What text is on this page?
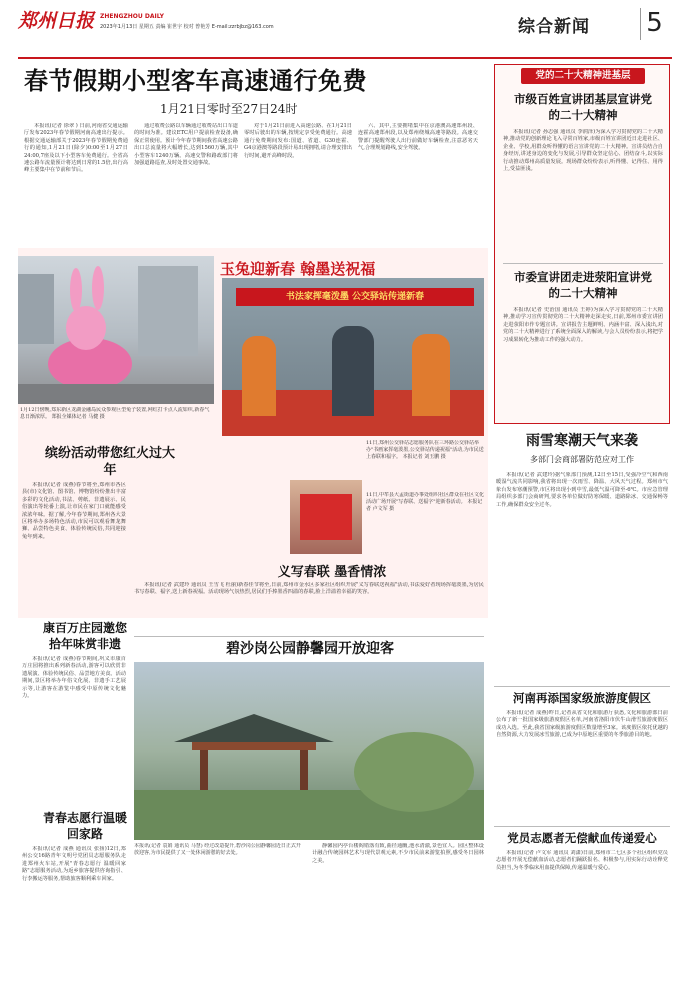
郑州日报 ZHENGZHOU DAILY
2023年1月13日 星期五 责编 崔世宇 校对 曾艳芳 E-mail:zzrbjbz@163.com	综合新闻 5
春节假期小型客车高速通行免费
1月21日零时至27日24时
本报讯(记者 徐翠 ) 日前,河南省交通运输厅发布2023年春节假期河南高速出行提示。根据交通运输部关于2023年春节假期免费通行的通知,1月21日(除夕)0:00至1月27日24:00,7座及以下小型客车免费通行。全省高速公路车流量预计将达到日常的1.5倍,出行高峰主要集中在节前和节后。
通过收费公路以车辆通过收费站出口车道的时间为准。建议ETC用户提前检查设备,确保正常使用。预计今年春节期间我省高速公路出口总流量将大幅增长,达到1560万辆,其中小型客车1240万辆。高速交警和路政部门将加强道路巡查,及时处置交通事故。
对于1月21日前进入高速公路、在1月21日零时后驶出的车辆,按规定享受免费通行。高速通行免费期间发布:国道、省道、G30连霍、G4京港澳等路段预计易出现拥堵,请合理安排出行时间,避开高峰时段。
六、其中,主要拥堵集中在京港澳高速郑州段、连霍高速郑州段,以及郑州绕城高速等路段。高速交警部门提醒驾驶人出行前做好车辆检查,注意恶劣天气,合理规划路线,安全驾驶。
党的二十大精神进基层
市级百姓宣讲团基层宣讲党的二十大精神
本报讯(记者 孙志强 通讯员 李润泽)为深入学习贯彻党的二十大精神,推动党的创新理论飞入寻常百姓家,市级百姓宣讲团近日走进社区、企业、学校,用群众听得懂的语言宣讲党的二十大精神。宣讲员结合自身经历,讲述身边的变化与发展,引导群众坚定信心、团结奋斗,以实际行动推动郑州高质量发展。现场群众纷纷表示,听得懂、记得住、用得上,受益匪浅。
市委宣讲团走进荥阳宣讲党的二十大精神
本报讯(记者 史治国 通讯员 王婷)为深入学习贯彻党的二十大精神,推动学习宣传贯彻党的二十大精神走深走实,日前,郑州市委宣讲团走进荥阳市作专题宣讲。宣讲报告主题鲜明、内涵丰富、深入浅出,对党的二十大精神进行了系统全面深入的解读,与会人员纷纷表示,将把学习成果转化为推动工作的强大动力。
玉兔迎新春 翰墨送祝福
1月12日傍晚,郑东新区龙湖金融岛民众参观巨型兔子装置,网红打卡点人流如织,新春气息日渐浓厚。 郑报全媒体记者 马健 摄
书法家挥毫泼墨 公交驿站传递新春
11日,郑州公交驿站志愿服务队在三环路公交驿站举办"书画家挥毫泼墨,公交驿站传递祝福"活动,为市民送上春联和福字。 本报记者 刘玉鹏 摄
缤纷活动带您红火过大年
本报讯(记者 成燕)春节将至,郑州市各区县(市)文化馆、图书馆、博物馆纷纷推出丰富多彩的文化活动,书法、剪纸、非遗展示、民俗演出等轮番上演,让市民在家门口就能感受浓浓年味。据了解,今年春节期间,郑州各大景区将举办多场特色活动,市民可以观看舞龙舞狮、品尝特色美食、体验传统民俗,共同迎接兔年到来。
11日,中牟县大孟街道办事处组织社区群众在社区文化活动广场开展"写春联、送福字"迎新春活动。 本报记者 卢文军 摄
义写春联 墨香情浓
本报讯(记者 武建玲 通讯员 王雪飞 杜丽)新春佳节将至,日前,郑州市金水区多家社区组织开展"义写春联送祝福"活动,书法爱好者现场挥毫泼墨,为居民书写春联、福字,送上新春祝福。活动现场气氛热烈,居民们手捧墨香四溢的春联,脸上洋溢着幸福的笑容。
康百万庄园邀您拾年味赏非遗
本报讯(记者 成燕)春节期间,巩义市康百万庄园将推出系列新春活动,游客可以欣赏非遗展演、体验传统民俗、品尝地方美食。活动期间,景区将举办年俗文化展、非遗手工艺展示等,让游客在游览中感受中原传统文化魅力。
雨雪寒潮天气来袭
多部门会商部署防范应对工作
本报讯(记者 武建玲)据气象部门预测,12日至15日,受强冷空气和西南暖湿气流共同影响,我省将出现一次雨雪、降温、大风天气过程。郑州市气象台发布寒潮预警,市区将出现小到中雪,最低气温可降至-6℃。市应急管理局组织多部门会商研判,要求各单位做好防寒保暖、道路除冰、交通保畅等工作,确保群众安全过冬。
碧沙岗公园静馨园开放迎客
本报讯(记者 袁娟 通讯员 马慧) 经过改造提升,碧沙岗公园静馨园近日正式开放迎客,为市民提供了又一处休闲游憩的好去处。
静馨园内亭台楼阁错落有致,曲径通幽,池水清澈,景色宜人。园区整体设计融合传统园林艺术与现代景观元素,不少市民前来游览拍照,感受冬日园林之美。
青春志愿行温暖回家路
本报讯(记者 成燕 通讯员 张扬)12日,郑州公交16路青年文明号党团员志愿服务队走进郑州火车站,开展"青春志愿行 温暖回家路"志愿服务活动,为返乡旅客提供咨询指引、行李搬运等服务,帮助旅客顺利乘车回家。
河南再添国家级旅游度假区
本报讯(记者 成燕)昨日,记者从省文化和旅游厅获悉,文化和旅游部日前公布了新一批国家级旅游度假区名单,河南省洛阳市伏牛山滑雪旅游度假区成功入选。至此,我省国家级旅游度假区数量增至3家。该度假区依托优越的自然资源,大力发展冰雪旅游,已成为中原地区重要的冬季旅游目的地。
党员志愿者无偿献血传递爱心
本报讯(记者 卢文军 通讯员 刘潇)日前,郑州市二七区多个社区组织党员志愿者开展无偿献血活动,志愿者们踊跃报名、积极参与,用实际行动诠释党员担当,为冬季临床用血提供保障,传递温暖与爱心。
